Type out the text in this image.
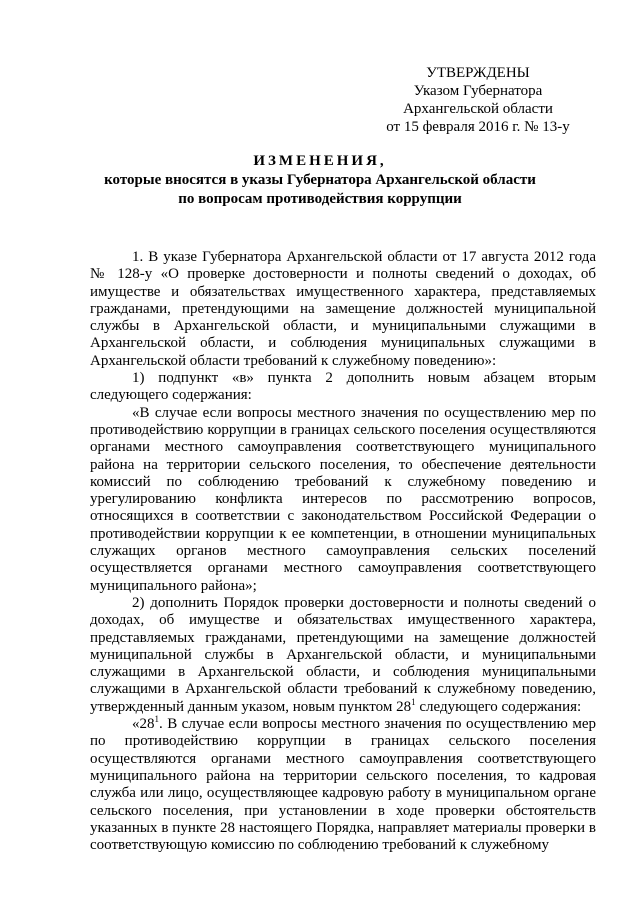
УТВЕРЖДЕНЫ
Указом Губернатора
Архангельской области
от 15 февраля 2016 г. № 13-у
ИЗМЕНЕНИЯ,
которые вносятся в указы Губернатора Архангельской области
по вопросам противодействия коррупции

1. В указе Губернатора Архангельской области от 17 августа 2012 года № 128-у «О проверке достоверности и полноты сведений о доходах, об имуществе и обязательствах имущественного характера, представляемых гражданами, претендующими на замещение должностей муниципальной службы в Архангельской области, и муниципальными служащими в Архангельской области, и соблюдения муниципальных служащими в Архангельской области требований к служебному поведению»:

1) подпункт «в» пункта 2 дополнить новым абзацем вторым следующего содержания:

«В случае если вопросы местного значения по осуществлению мер по противодействию коррупции в границах сельского поселения осуществляются органами местного самоуправления соответствующего муниципального района на территории сельского поселения, то обеспечение деятельности комиссий по соблюдению требований к служебному поведению и урегулированию конфликта интересов по рассмотрению вопросов, относящихся в соответствии с законодательством Российской Федерации о противодействии коррупции к ее компетенции, в отношении муниципальных служащих органов местного самоуправления сельских поселений осуществляется органами местного самоуправления соответствующего муниципального района»;

2) дополнить Порядок проверки достоверности и полноты сведений о доходах, об имуществе и обязательствах имущественного характера, представляемых гражданами, претендующими на замещение должностей муниципальной службы в Архангельской области, и муниципальными служащими в Архангельской области, и соблюдения муниципальными служащими в Архангельской области требований к служебному поведению, утвержденный данным указом, новым пунктом $28^1$ следующего содержания:

«$28^1$. В случае если вопросы местного значения по осуществлению мер по противодействию коррупции в границах сельского поселения осуществляются органами местного самоуправления соответствующего муниципального района на территории сельского поселения, то кадровая служба или лицо, осуществляющее кадровую работу в муниципальном органе сельского поселения, при установлении в ходе проверки обстоятельств указанных в пункте 28 настоящего Порядка, направляет материалы проверки в соответствующую комиссию по соблюдению требований к служебному
